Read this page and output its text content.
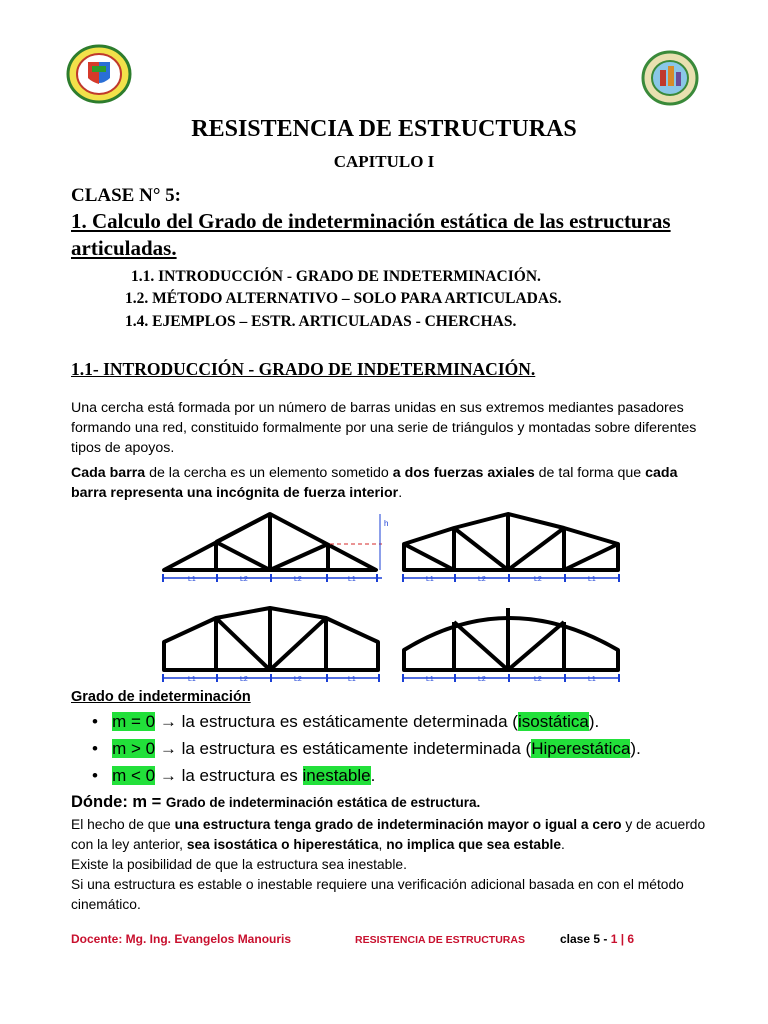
RESISTENCIA DE ESTRUCTURAS
CAPITULO I
CLASE N° 5:
1. Calculo del Grado de indeterminación estática de las estructuras articuladas.
1.1. INTRODUCCIÓN - GRADO DE INDETERMINACIÓN.
1.2. MÉTODO ALTERNATIVO – SOLO PARA ARTICULADAS.
1.4. EJEMPLOS – ESTR. ARTICULADAS - CHERCHAS.
1.1- INTRODUCCIÓN - GRADO DE INDETERMINACIÓN.
Una cercha está formada por un número de barras unidas en sus extremos mediantes pasadores formando una red, constituido formalmente por una serie de triángulos y montadas sobre diferentes tipos de apoyos.
Cada barra de la cercha es un elemento sometido a dos fuerzas axiales de tal forma que cada barra representa una incógnita de fuerza interior.
L1	L2	L2	L1
h
L1	L2	L2	L1
L1	L2	L2	L1	L1	L2	L2	L1
Grado de indeterminación
•   m = 0 → la estructura es estáticamente determinada (isostática).
•   m > 0 → la estructura es estáticamente indeterminada (Hiperestática).
•   m < 0 → la estructura es inestable.
Dónde: m = Grado de indeterminación estática de estructura.
El hecho de que una estructura tenga grado de indeterminación mayor o igual a cero y de acuerdo con la ley anterior, sea isostática o hiperestática, no implica que sea estable.
Existe la posibilidad de que la estructura sea inestable.
Si una estructura es estable o inestable requiere una verificación adicional basada en con el método cinemático.
Docente: Mg. Ing. Evangelos Manouris	RESISTENCIA DE ESTRUCTURAS	clase 5 - 1 | 6
